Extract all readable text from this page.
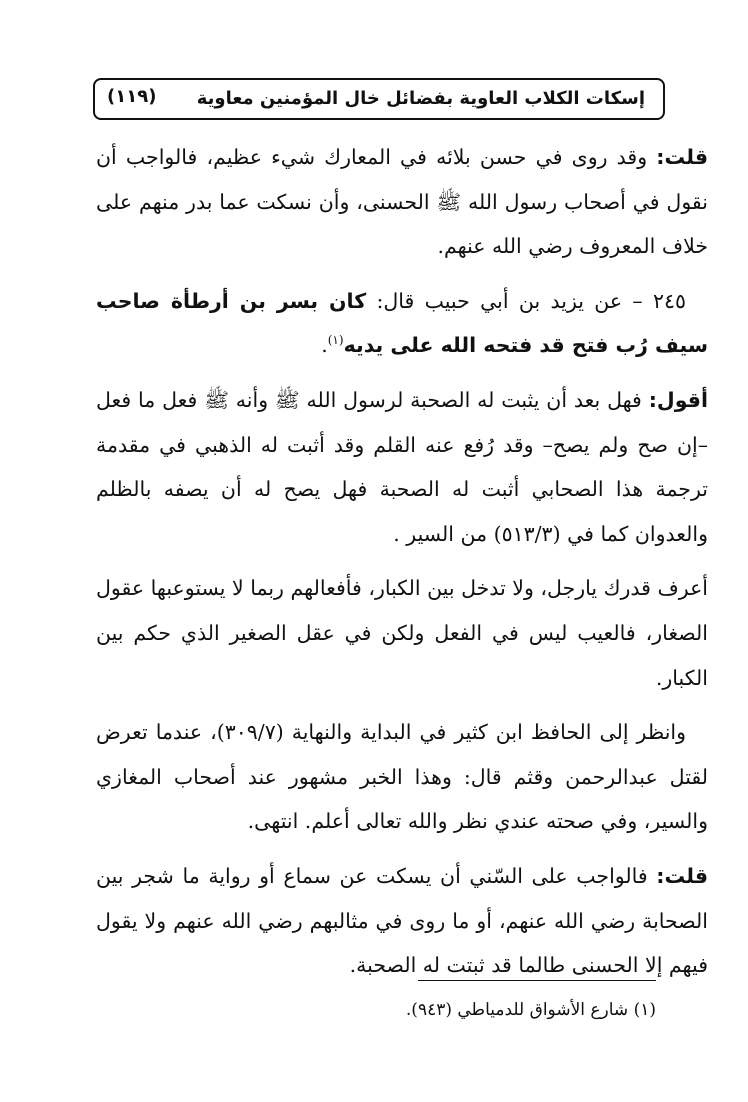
إسكات الكلاب العاوية بفضائل خال المؤمنين معاوية
(١١٩)

قلت: وقد روى في حسن بلائه في المعارك شيء عظيم، فالواجب أن نقول في أصحاب رسول الله ﷺ الحسنى، وأن نسكت عما بدر منهم على خلاف المعروف رضي الله عنهم.

٢٤٥ – عن يزيد بن أبي حبيب قال: كان بسر بن أرطأة صاحب سيف رُب فتح قد فتحه الله على يديه$^{(١)}$.

أقول: فهل بعد أن يثبت له الصحبة لرسول الله ﷺ وأنه ﷺ فعل ما فعل –إن صح ولم يصح– وقد رُفع عنه القلم وقد أثبت له الذهبي في مقدمة ترجمة هذا الصحابي أثبت له الصحبة فهل يصح له أن يصفه بالظلم والعدوان كما في (٥١٣/٣) من السير .

أعرف قدرك يارجل، ولا تدخل بين الكبار، فأفعالهم ربما لا يستوعبها عقول الصغار، فالعيب ليس في الفعل ولكن في عقل الصغير الذي حكم بين الكبار.

وانظر إلى الحافظ ابن كثير في البداية والنهاية (٣٠٩/٧)، عندما تعرض لقتل عبدالرحمن وقثم قال: وهذا الخبر مشهور عند أصحاب المغازي والسير، وفي صحته عندي نظر والله تعالى أعلم. انتهى.

قلت: فالواجب على السّني أن يسكت عن سماع أو رواية ما شجر بين الصحابة رضي الله عنهم، أو ما روى في مثالبهم رضي الله عنهم ولا يقول فيهم إلا الحسنى طالما قد ثبتت له الصحبة.

(١) شارع الأشواق للدمياطي (٩٤٣).
